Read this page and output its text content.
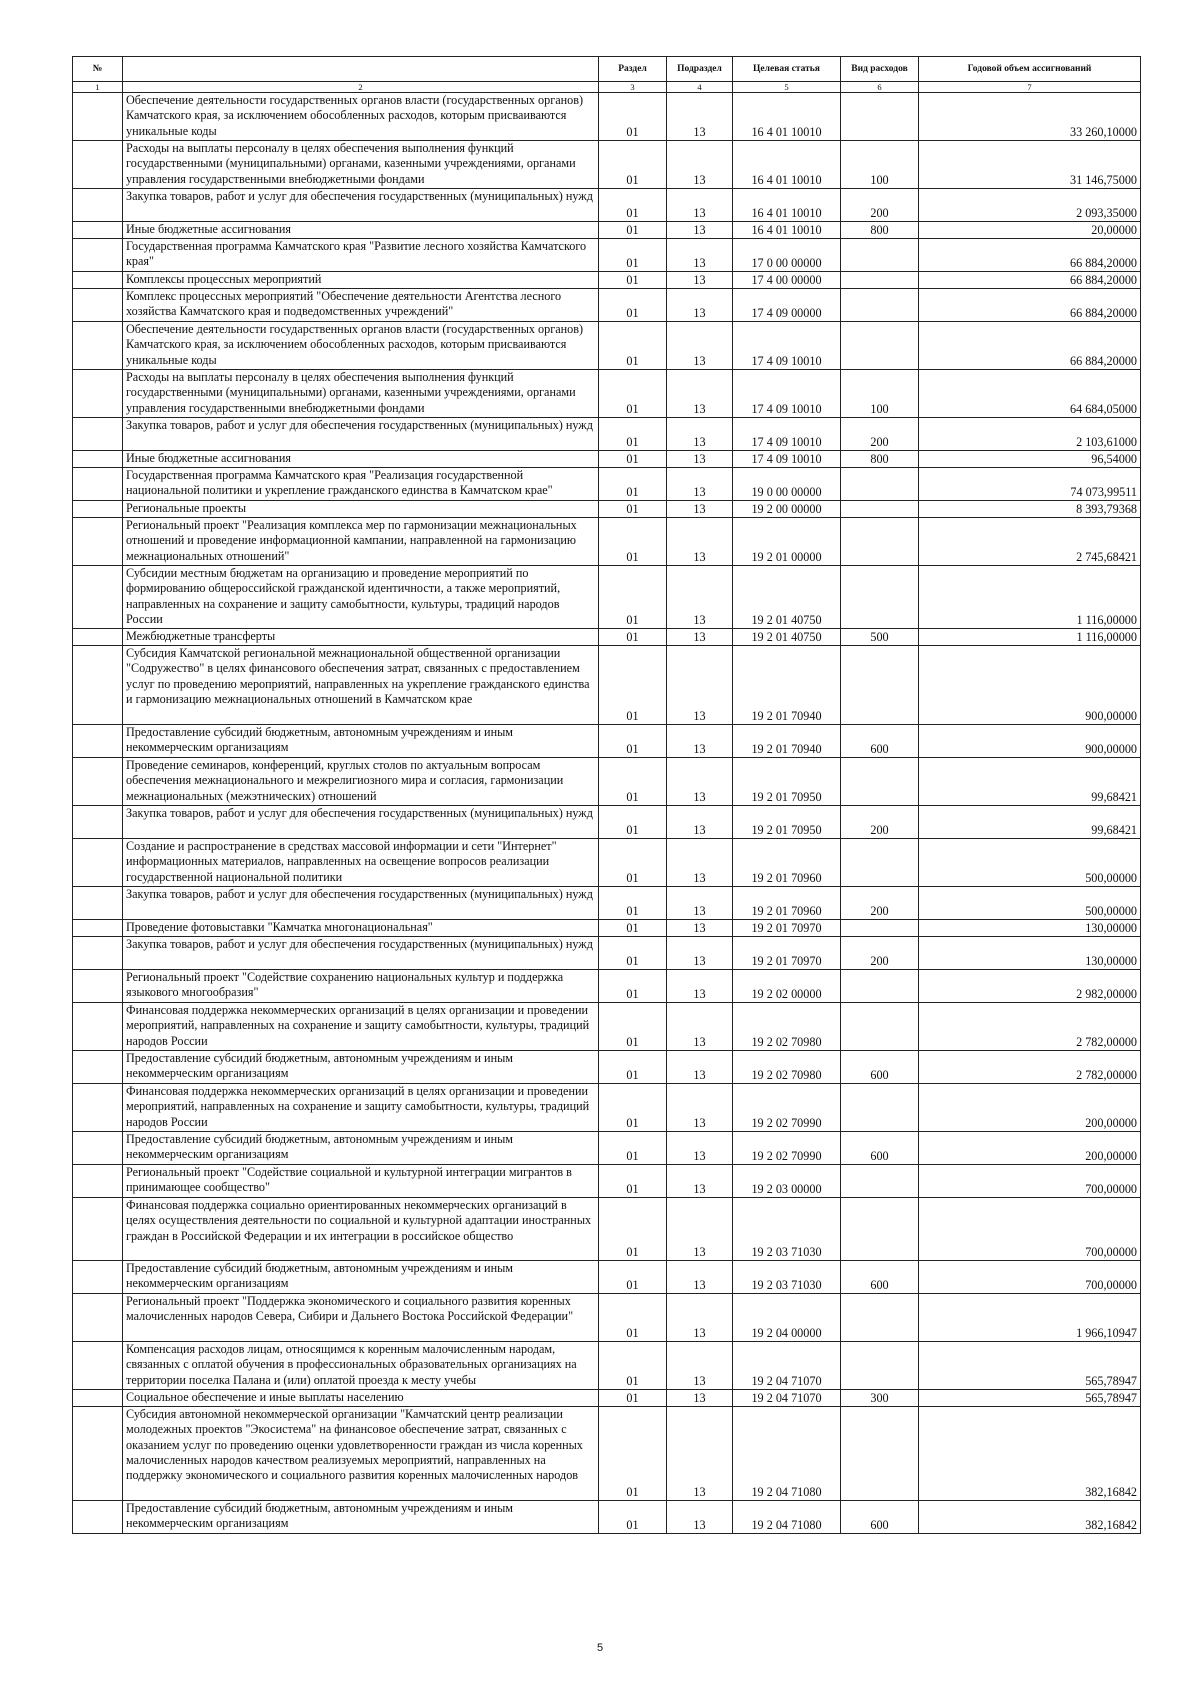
№		Раздел	Подраздел	Целевая статья	Вид расходов	Годовой объем ассигнований
1	2	3	4	5	6	7
	Обеспечение деятельности государственных органов власти (государственных органов) Камчатского края, за исключением обособленных расходов, которым присваиваются уникальные коды	01	13	16 4 01 10010		33 260,10000
	Расходы на выплаты персоналу в целях обеспечения выполнения функций государственными (муниципальными) органами, казенными учреждениями, органами управления государственными внебюджетными фондами	01	13	16 4 01 10010	100	31 146,75000
	Закупка товаров, работ и услуг для обеспечения государственных (муниципальных) нужд	01	13	16 4 01 10010	200	2 093,35000
	Иные бюджетные ассигнования	01	13	16 4 01 10010	800	20,00000
	Государственная программа Камчатского края "Развитие лесного хозяйства Камчатского края"	01	13	17 0 00 00000		66 884,20000
	Комплексы процессных мероприятий	01	13	17 4 00 00000		66 884,20000
	Комплекс процессных мероприятий "Обеспечение деятельности Агентства лесного хозяйства Камчатского края и подведомственных учреждений"	01	13	17 4 09 00000		66 884,20000
	Обеспечение деятельности государственных органов власти (государственных органов) Камчатского края, за исключением обособленных расходов, которым присваиваются уникальные коды	01	13	17 4 09 10010		66 884,20000
	Расходы на выплаты персоналу в целях обеспечения выполнения функций государственными (муниципальными) органами, казенными учреждениями, органами управления государственными внебюджетными фондами	01	13	17 4 09 10010	100	64 684,05000
	Закупка товаров, работ и услуг для обеспечения государственных (муниципальных) нужд	01	13	17 4 09 10010	200	2 103,61000
	Иные бюджетные ассигнования	01	13	17 4 09 10010	800	96,54000
	Государственная программа Камчатского края "Реализация государственной национальной политики и укрепление гражданского единства в Камчатском крае"	01	13	19 0 00 00000		74 073,99511
	Региональные проекты	01	13	19 2 00 00000		8 393,79368
	Региональный проект "Реализация комплекса мер по гармонизации межнациональных отношений и проведение информационной кампании, направленной на гармонизацию межнациональных отношений"	01	13	19 2 01 00000		2 745,68421
	Субсидии местным бюджетам на организацию и проведение мероприятий по формированию общероссийской гражданской идентичности, а также мероприятий, направленных на сохранение и защиту самобытности, культуры, традиций народов России	01	13	19 2 01 40750		1 116,00000
	Межбюджетные трансферты	01	13	19 2 01 40750	500	1 116,00000
	Субсидия Камчатской региональной межнациональной общественной организации "Содружество" в целях финансового обеспечения затрат, связанных с предоставлением услуг по проведению мероприятий, направленных на укрепление гражданского единства и гармонизацию межнациональных отношений в Камчатском крае	01	13	19 2 01 70940		900,00000
	Предоставление субсидий бюджетным, автономным учреждениям и иным некоммерческим организациям	01	13	19 2 01 70940	600	900,00000
	Проведение семинаров, конференций, круглых столов по актуальным вопросам обеспечения межнационального и межрелигиозного мира и согласия, гармонизации межнациональных (межэтнических) отношений	01	13	19 2 01 70950		99,68421
	Закупка товаров, работ и услуг для обеспечения государственных (муниципальных) нужд	01	13	19 2 01 70950	200	99,68421
	Создание и распространение в средствах массовой информации и сети "Интернет" информационных материалов, направленных на освещение вопросов реализации государственной национальной политики	01	13	19 2 01 70960		500,00000
	Закупка товаров, работ и услуг для обеспечения государственных (муниципальных) нужд	01	13	19 2 01 70960	200	500,00000
	Проведение фотовыставки "Камчатка многонациональная"	01	13	19 2 01 70970		130,00000
	Закупка товаров, работ и услуг для обеспечения государственных (муниципальных) нужд	01	13	19 2 01 70970	200	130,00000
	Региональный проект "Содействие сохранению национальных культур и поддержка языкового многообразия"	01	13	19 2 02 00000		2 982,00000
	Финансовая поддержка некоммерческих организаций в целях организации и проведении мероприятий, направленных на сохранение и защиту самобытности, культуры, традиций народов России	01	13	19 2 02 70980		2 782,00000
	Предоставление субсидий бюджетным, автономным учреждениям и иным некоммерческим организациям	01	13	19 2 02 70980	600	2 782,00000
	Финансовая поддержка некоммерческих организаций в целях организации и проведении мероприятий, направленных на сохранение и защиту самобытности, культуры, традиций народов России	01	13	19 2 02 70990		200,00000
	Предоставление субсидий бюджетным, автономным учреждениям и иным некоммерческим организациям	01	13	19 2 02 70990	600	200,00000
	Региональный проект "Содействие социальной и культурной интеграции мигрантов в принимающее сообщество"	01	13	19 2 03 00000		700,00000
	Финансовая поддержка социально ориентированных некоммерческих организаций в целях осуществления деятельности по социальной и культурной адаптации иностранных граждан в Российской Федерации и их интеграции в российское общество	01	13	19 2 03 71030		700,00000
	Предоставление субсидий бюджетным, автономным учреждениям и иным некоммерческим организациям	01	13	19 2 03 71030	600	700,00000
	Региональный проект "Поддержка экономического и социального развития коренных малочисленных народов Севера, Сибири и Дальнего Востока Российской Федерации"	01	13	19 2 04 00000		1 966,10947
	Компенсация расходов лицам, относящимся к коренным малочисленным народам, связанных с оплатой обучения в профессиональных образовательных организациях на территории поселка Палана и (или) оплатой проезда к месту учебы	01	13	19 2 04 71070		565,78947
	Социальное обеспечение и иные выплаты населению	01	13	19 2 04 71070	300	565,78947
	Субсидия автономной некоммерческой организации "Камчатский центр реализации молодежных проектов "Экосистема" на финансовое обеспечение затрат, связанных с оказанием услуг по проведению оценки удовлетворенности граждан из числа коренных малочисленных народов качеством реализуемых мероприятий, направленных на поддержку экономического и социального развития коренных малочисленных народов	01	13	19 2 04 71080		382,16842
	Предоставление субсидий бюджетным, автономным учреждениям и иным некоммерческим организациям	01	13	19 2 04 71080	600	382,16842
5
